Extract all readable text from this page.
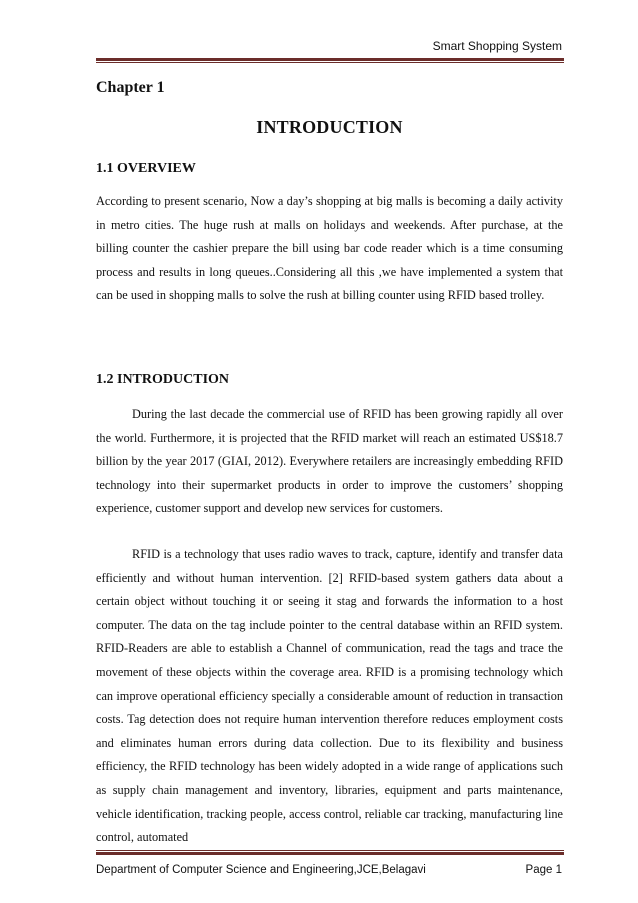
Smart Shopping System
Chapter 1
INTRODUCTION
1.1 OVERVIEW

According to present scenario, Now a day’s shopping at big malls is becoming a daily activity in metro cities. The huge rush at malls on holidays and weekends. After purchase, at the billing counter the cashier prepare the bill using bar code reader which is a time consuming process and results in long queues..Considering all this ,we have implemented a system that can be used in shopping malls to solve the rush at billing counter using RFID based trolley.

1.2 INTRODUCTION

During the last decade the commercial use of RFID has been growing rapidly all over the world. Furthermore, it is projected that the RFID market will reach an estimated US$18.7 billion by the year 2017 (GIAI, 2012). Everywhere retailers are increasingly embedding RFID technology into their supermarket products in order to improve the customers’ shopping experience, customer support and develop new services for customers.

RFID is a technology that uses radio waves to track, capture, identify and transfer data efficiently and without human intervention. [2] RFID-based system gathers data about a certain object without touching it or seeing it stag and forwards the information to a host computer. The data on the tag include pointer to the central database within an RFID system. RFID-Readers are able to establish a Channel of communication, read the tags and trace the movement of these objects within the coverage area. RFID is a promising technology which can improve operational efficiency specially a considerable amount of reduction in transaction costs. Tag detection does not require human intervention therefore reduces employment costs and eliminates human errors during data collection. Due to its flexibility and business efficiency, the RFID technology has been widely adopted in a wide range of applications such as supply chain management and inventory, libraries, equipment and parts maintenance, vehicle identification, tracking people, access control, reliable car tracking, manufacturing line control, automated

Department of Computer Science and Engineering,JCE,Belagavi	Page 1
